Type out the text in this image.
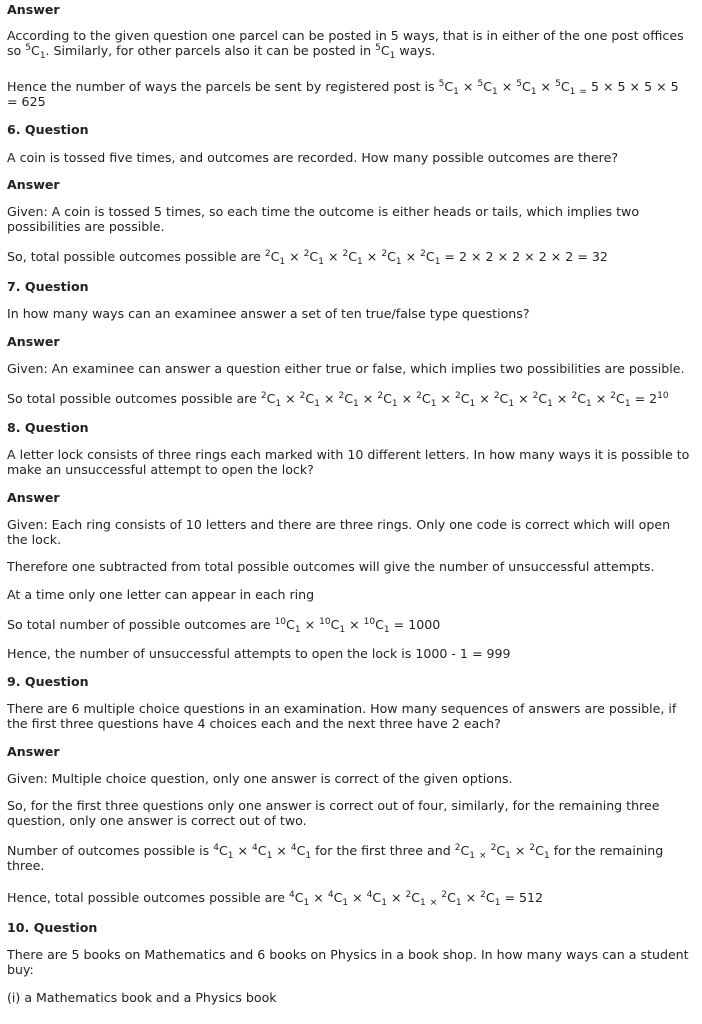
Answer
According to the given question one parcel can be posted in 5 ways, that is in either of the one post offices so $^5C_1$. Similarly, for other parcels also it can be posted in $^5C_1$ ways.
Hence the number of ways the parcels be sent by registered post is $^5C_1 \times ^5C_1 \times ^5C_1 \times ^5C_1$ $_=$ 5 × 5 × 5 × 5 = 625
6. Question
A coin is tossed five times, and outcomes are recorded. How many possible outcomes are there?
Answer
Given: A coin is tossed 5 times, so each time the outcome is either heads or tails, which implies two possibilities are possible.
So, total possible outcomes possible are $^2C_1 \times ^2C_1 \times ^2C_1 \times ^2C_1 \times ^2C_1 = 2 \times 2 \times 2 \times 2 \times 2 = 32$
7. Question
In how many ways can an examinee answer a set of ten true/false type questions?
Answer
Given: An examinee can answer a question either true or false, which implies two possibilities are possible.
So total possible outcomes possible are $^2C_1 \times ^2C_1 \times ^2C_1 \times ^2C_1 \times ^2C_1 \times ^2C_1 \times ^2C_1 \times ^2C_1 \times ^2C_1 \times ^2C_1 = 2^{10}$
8. Question
A letter lock consists of three rings each marked with 10 different letters. In how many ways it is possible to make an unsuccessful attempt to open the lock?
Answer
Given: Each ring consists of 10 letters and there are three rings. Only one code is correct which will open the lock.
Therefore one subtracted from total possible outcomes will give the number of unsuccessful attempts.
At a time only one letter can appear in each ring
So total number of possible outcomes are $^{10}C_1 \times ^{10}C_1 \times ^{10}C_1 = 1000$
Hence, the number of unsuccessful attempts to open the lock is 1000 - 1 = 999
9. Question
There are 6 multiple choice questions in an examination. How many sequences of answers are possible, if the first three questions have 4 choices each and the next three have 2 each?
Answer
Given: Multiple choice question, only one answer is correct of the given options.
So, for the first three questions only one answer is correct out of four, similarly, for the remaining three question, only one answer is correct out of two.
Number of outcomes possible is $^4C_1 \times ^4C_1 \times ^4C_1$ for the first three and $^2C_1$ $_\times$ $^2C_1 \times ^2C_1$ for the remaining three.
Hence, total possible outcomes possible are $^4C_1 \times ^4C_1 \times ^4C_1 \times ^2C_1$ $_\times$ $^2C_1 \times ^2C_1 = 512$
10. Question
There are 5 books on Mathematics and 6 books on Physics in a book shop. In how many ways can a student buy:
(i) a Mathematics book and a Physics book
